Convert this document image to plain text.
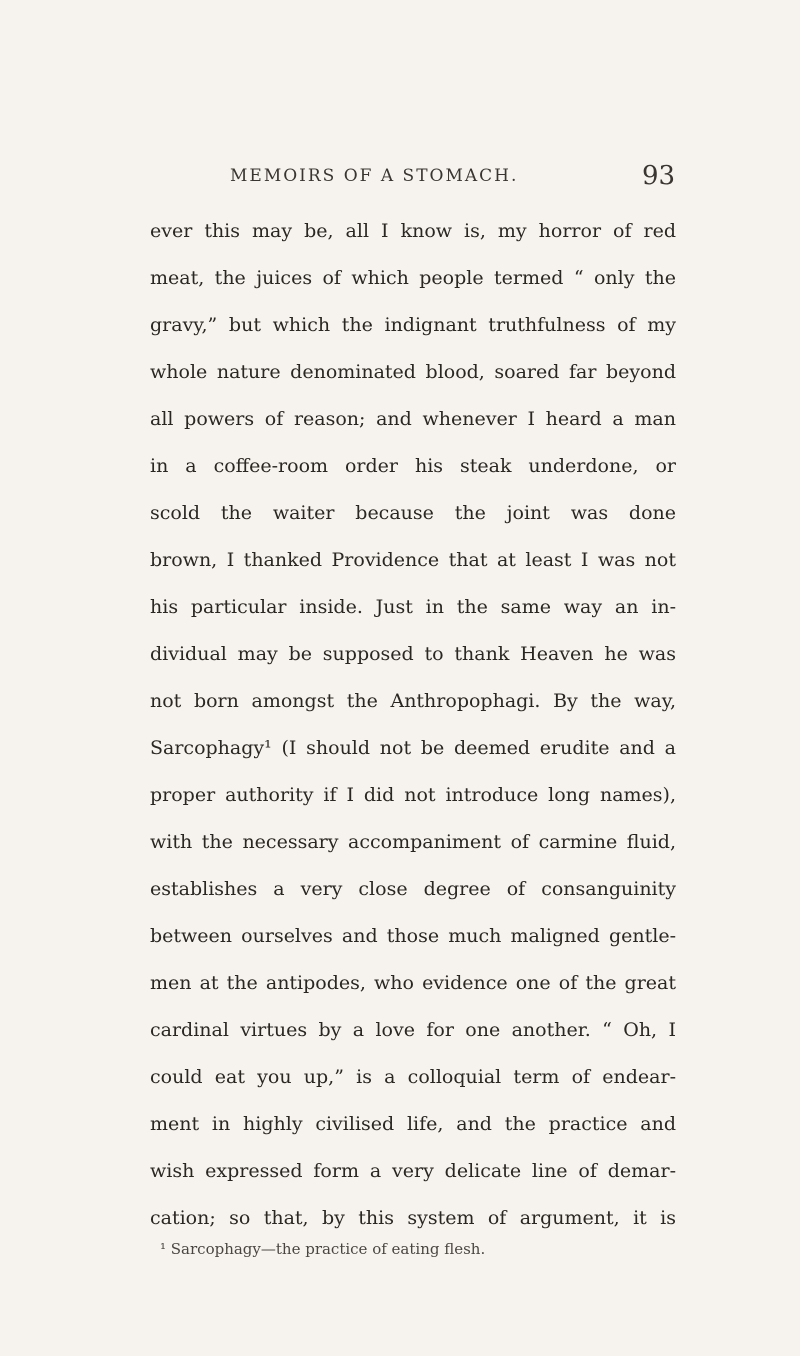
MEMOIRS OF A STOMACH.	93
ever this may be, all I know is, my horror of red
meat, the juices of which people termed “ only the
gravy,” but which the indignant truthfulness of my
whole nature denominated blood, soared far beyond
all powers of reason; and whenever I heard a man
in a coffee-room order his steak underdone, or
scold the waiter because the joint was done
brown, I thanked Providence that at least I was not
his particular inside. Just in the same way an in-
dividual may be supposed to thank Heaven he was
not born amongst the Anthropophagi. By the way,
Sarcophagy¹ (I should not be deemed erudite and a
proper authority if I did not introduce long names),
with the necessary accompaniment of carmine fluid,
establishes a very close degree of consanguinity
between ourselves and those much maligned gentle-
men at the antipodes, who evidence one of the great
cardinal virtues by a love for one another. “ Oh, I
could eat you up,” is a colloquial term of endear-
ment in highly civilised life, and the practice and
wish expressed form a very delicate line of demar-
cation; so that, by this system of argument, it is
¹ Sarcophagy—the practice of eating flesh.
